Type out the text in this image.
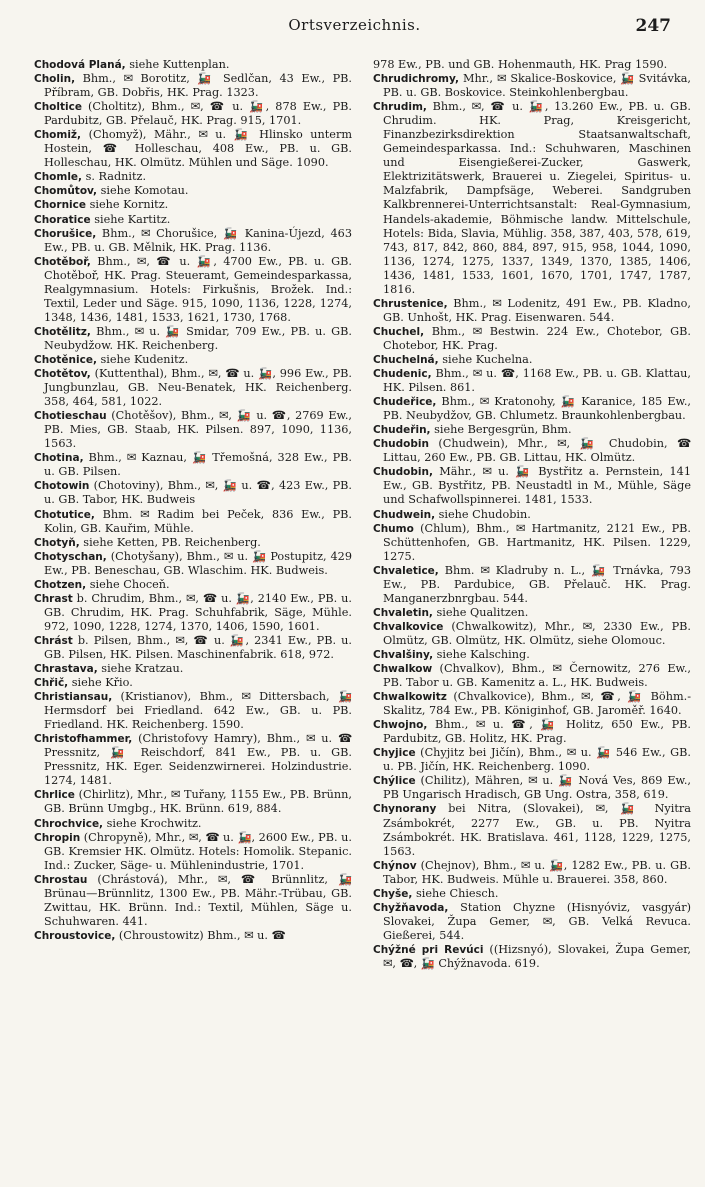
Ortsverzeichnis.	247

Chodová Planá, siehe Kuttenplan.

Cholin, Bhm., ✉ Borotitz, 🚂 Sedlčan, 43 Ew., PB. Příbram, GB. Dobřis, HK. Prag. 1323.

Choltice (Choltitz), Bhm., ✉, ☎ u. 🚂, 878 Ew., PB. Pardubitz, GB. Přelauč, HK. Prag. 915, 1701.

Chomiž, (Chomyž), Mähr., ✉ u. 🚂 Hlinsko unterm Hostein, ☎ Holleschau, 408 Ew., PB. u. GB. Holleschau, HK. Olmütz. Mühlen und Säge. 1090.

Chomle, s. Radnitz.

Chomůtov, siehe Komotau.

Chornice siehe Kornitz.

Choratice siehe Kartitz.

Chorušice, Bhm., ✉ Chorušice, 🚂 Kanina-Újezd, 463 Ew., PB. u. GB. Mělnik, HK. Prag. 1136.

Chotěboř, Bhm., ✉, ☎ u. 🚂, 4700 Ew., PB. u. GB. Chotěboř, HK. Prag. Steueramt, Gemeindesparkassa, Realgymnasium. Hotels: Firkušnis, Brožek. Ind.: Textil, Leder und Säge. 915, 1090, 1136, 1228, 1274, 1348, 1436, 1481, 1533, 1621, 1730, 1768.

Chotělitz, Bhm., ✉ u. 🚂 Smidar, 709 Ew., PB. u. GB. Neubydžow. HK. Reichenberg.

Chotěnice, siehe Kudenitz.

Chotětov, (Kuttenthal), Bhm., ✉, ☎ u. 🚂, 996 Ew., PB. Jungbunzlau, GB. Neu-Benatek, HK. Reichenberg. 358, 464, 581, 1022.

Chotieschau (Chotěšov), Bhm., ✉, 🚂 u. ☎, 2769 Ew., PB. Mies, GB. Staab, HK. Pilsen. 897, 1090, 1136, 1563.

Chotina, Bhm., ✉ Kaznau, 🚂 Třemošná, 328 Ew., PB. u. GB. Pilsen.

Chotowin (Chotoviny), Bhm., ✉, 🚂 u. ☎, 423 Ew., PB. u. GB. Tabor, HK. Budweis

Chotutice, Bhm. ✉ Radim bei Peček, 836 Ew., PB. Kolin, GB. Kauřim, Mühle.

Chotyň, siehe Ketten, PB. Reichenberg.

Chotyschan, (Chotyšany), Bhm., ✉ u. 🚂 Postupitz, 429 Ew., PB. Beneschau, GB. Wlaschim. HK. Budweis.

Chotzen, siehe Choceň.

Chrast b. Chrudim, Bhm., ✉, ☎ u. 🚂, 2140 Ew., PB. u. GB. Chrudim, HK. Prag. Schuhfabrik, Säge, Mühle. 972, 1090, 1228, 1274, 1370, 1406, 1590, 1601.

Chrást b. Pilsen, Bhm., ✉, ☎ u. 🚂, 2341 Ew., PB. u. GB. Pilsen, HK. Pilsen. Maschinenfabrik. 618, 972.

Chrastava, siehe Kratzau.

Chřič, siehe Křio.

Christiansau, (Kristianov), Bhm., ✉ Dittersbach, 🚂 Hermsdorf bei Friedland. 642 Ew., GB. u. PB. Friedland. HK. Reichenberg. 1590.

Christofhammer, (Christofovy Hamry), Bhm., ✉ u. ☎ Pressnitz, 🚂 Reischdorf, 841 Ew., PB. u. GB. Pressnitz, HK. Eger. Seidenzwirnerei. Holzindustrie. 1274, 1481.

Chrlice (Chirlitz), Mhr., ✉ Tuřany, 1155 Ew., PB. Brünn, GB. Brünn Umgbg., HK. Brünn. 619, 884.

Chrochvice, siehe Krochwitz.

Chropin (Chropyně), Mhr., ✉, ☎ u. 🚂, 2600 Ew., PB. u. GB. Kremsier HK. Olmütz. Hotels: Homolik. Stepanic. Ind.: Zucker, Säge- u. Mühlenindustrie, 1701.

Chrostau (Chrástová), Mhr., ✉, ☎ Brünnlitz, 🚂 Brünau—Brünnlitz, 1300 Ew., PB. Mähr.-Trübau, GB. Zwittau, HK. Brünn. Ind.: Textil, Mühlen, Säge u. Schuhwaren. 441.

Chroustovice, (Chroustowitz) Bhm., ✉ u. ☎

978 Ew., PB. und GB. Hohenmauth, HK. Prag 1590.

Chrudichromy, Mhr., ✉ Skalice-Boskovice, 🚂 Svitávka, PB. u. GB. Boskovice. Steinkohlenbergbau.

Chrudim, Bhm., ✉, ☎ u. 🚂, 13.260 Ew., PB. u. GB. Chrudim. HK. Prag, Kreisgericht, Finanzbezirksdirektion Staatsanwaltschaft, Gemeindesparkassa. Ind.: Schuhwaren, Maschinen und Eisengießerei-Zucker, Gaswerk, Elektrizitätswerk, Brauerei u. Ziegelei, Spiritus- u. Malzfabrik, Dampfsäge, Weberei. Sandgruben Kalkbrennerei-Unterrichtsanstalt: Real-Gymnasium, Handels-akademie, Böhmische landw. Mittelschule, Hotels: Bida, Slavia, Mühlig. 358, 387, 403, 578, 619, 743, 817, 842, 860, 884, 897, 915, 958, 1044, 1090, 1136, 1274, 1275, 1337, 1349, 1370, 1385, 1406, 1436, 1481, 1533, 1601, 1670, 1701, 1747, 1787, 1816.

Chrustenice, Bhm., ✉ Lodenitz, 491 Ew., PB. Kladno, GB. Unhošt, HK. Prag. Eisenwaren. 544.

Chuchel, Bhm., ✉ Bestwin. 224 Ew., Chotebor, GB. Chotebor, HK. Prag.

Chuchelná, siehe Kuchelna.

Chudenic, Bhm., ✉ u. ☎, 1168 Ew., PB. u. GB. Klattau, HK. Pilsen. 861.

Chudeřice, Bhm., ✉ Kratonohy, 🚂 Karanice, 185 Ew., PB. Neubydžov, GB. Chlumetz. Braunkohlenbergbau.

Chudeřin, siehe Bergesgrün, Bhm.

Chudobin (Chudwein), Mhr., ✉, 🚂 Chudobin, ☎ Littau, 260 Ew., PB. GB. Littau, HK. Olmütz.

Chudobin, Mähr., ✉ u. 🚂 Bystřitz a. Pernstein, 141 Ew., GB. Bystřitz, PB. Neustadtl in M., Mühle, Säge und Schafwollspinnerei. 1481, 1533.

Chudwein, siehe Chudobin.

Chumo (Chlum), Bhm., ✉ Hartmanitz, 2121 Ew., PB. Schüttenhofen, GB. Hartmanitz, HK. Pilsen. 1229, 1275.

Chvaletice, Bhm. ✉ Kladruby n. L., 🚂 Trnávka, 793 Ew., PB. Pardubice, GB. Přelauč. HK. Prag. Manganerzbnrgbau. 544.

Chvaletin, siehe Qualitzen.

Chvalkovice (Chwalkowitz), Mhr., ✉, 2330 Ew., PB. Olmütz, GB. Olmütz, HK. Olmütz, siehe Olomouc.

Chvalšiny, siehe Kalsching.

Chwalkow (Chvalkov), Bhm., ✉ Černowitz, 276 Ew., PB. Tabor u. GB. Kamenitz a. L., HK. Budweis.

Chwalkowitz (Chvalkovice), Bhm., ✉, ☎, 🚂 Böhm.-Skalitz, 784 Ew., PB. Königinhof, GB. Jaroměř. 1640.

Chwojno, Bhm., ✉ u. ☎, 🚂 Holitz, 650 Ew., PB. Pardubitz, GB. Holitz, HK. Prag.

Chyjice (Chyjitz bei Jičín), Bhm., ✉ u. 🚂 546 Ew., GB. u. PB. Jičín, HK. Reichenberg. 1090.

Chýlice (Chilitz), Mähren, ✉ u. 🚂 Nová Ves, 869 Ew., PB Ungarisch Hradisch, GB Ung. Ostra, 358, 619.

Chynorany bei Nitra, (Slovakei), ✉, 🚂 Nyitra Zsámbokrét, 2277 Ew., GB. u. PB. Nyitra Zsámbokrét. HK. Bratislava. 461, 1128, 1229, 1275, 1563.

Chýnov (Chejnov), Bhm., ✉ u. 🚂, 1282 Ew., PB. u. GB. Tabor, HK. Budweis. Mühle u. Brauerei. 358, 860.

Chyše, siehe Chiesch.

Chyžňavoda, Station Chyzne (Hisnyóviz, vasgyár) Slovakei, Župa Gemer, ✉, GB. Velká Revuca. Gießerei, 544.

Chýžné pri Revúci ((Hizsnyó), Slovakei, Župa Gemer, ✉, ☎, 🚂 Chýžnavoda. 619.
